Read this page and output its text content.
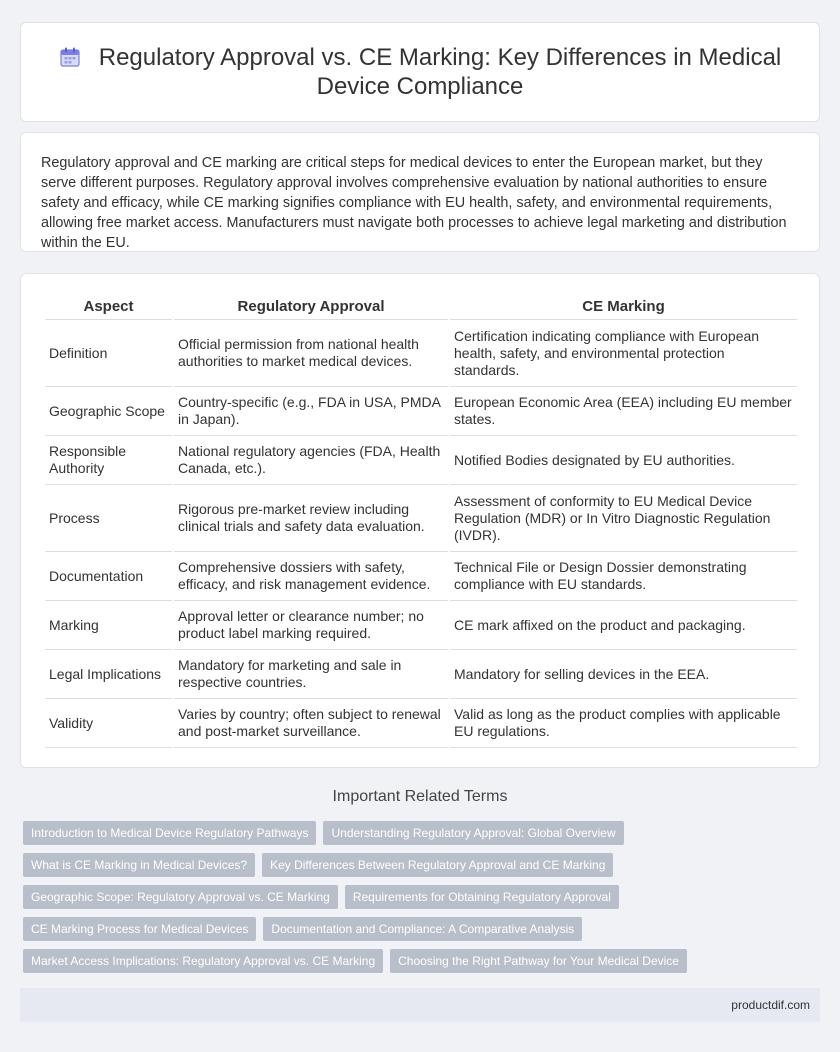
Regulatory Approval vs. CE Marking: Key Differences in Medical Device Compliance

Regulatory approval and CE marking are critical steps for medical devices to enter the European market, but they serve different purposes. Regulatory approval involves comprehensive evaluation by national authorities to ensure safety and efficacy, while CE marking signifies compliance with EU health, safety, and environmental requirements, allowing free market access. Manufacturers must navigate both processes to achieve legal marketing and distribution within the EU.

Aspect	Regulatory Approval	CE Marking
Definition	Official permission from national health authorities to market medical devices.	Certification indicating compliance with European health, safety, and environmental protection standards.
Geographic Scope	Country-specific (e.g., FDA in USA, PMDA in Japan).	European Economic Area (EEA) including EU member states.
Responsible Authority	National regulatory agencies (FDA, Health Canada, etc.).	Notified Bodies designated by EU authorities.
Process	Rigorous pre-market review including clinical trials and safety data evaluation.	Assessment of conformity to EU Medical Device Regulation (MDR) or In Vitro Diagnostic Regulation (IVDR).
Documentation	Comprehensive dossiers with safety, efficacy, and risk management evidence.	Technical File or Design Dossier demonstrating compliance with EU standards.
Marking	Approval letter or clearance number; no product label marking required.	CE mark affixed on the product and packaging.
Legal Implications	Mandatory for marketing and sale in respective countries.	Mandatory for selling devices in the EEA.
Validity	Varies by country; often subject to renewal and post-market surveillance.	Valid as long as the product complies with applicable EU regulations.
Important Related Terms
Introduction to Medical Device Regulatory Pathways	Understanding Regulatory Approval: Global Overview
What is CE Marking in Medical Devices?	Key Differences Between Regulatory Approval and CE Marking
Geographic Scope: Regulatory Approval vs. CE Marking	Requirements for Obtaining Regulatory Approval
CE Marking Process for Medical Devices	Documentation and Compliance: A Comparative Analysis
Market Access Implications: Regulatory Approval vs. CE Marking	Choosing the Right Pathway for Your Medical Device
productdif.com
